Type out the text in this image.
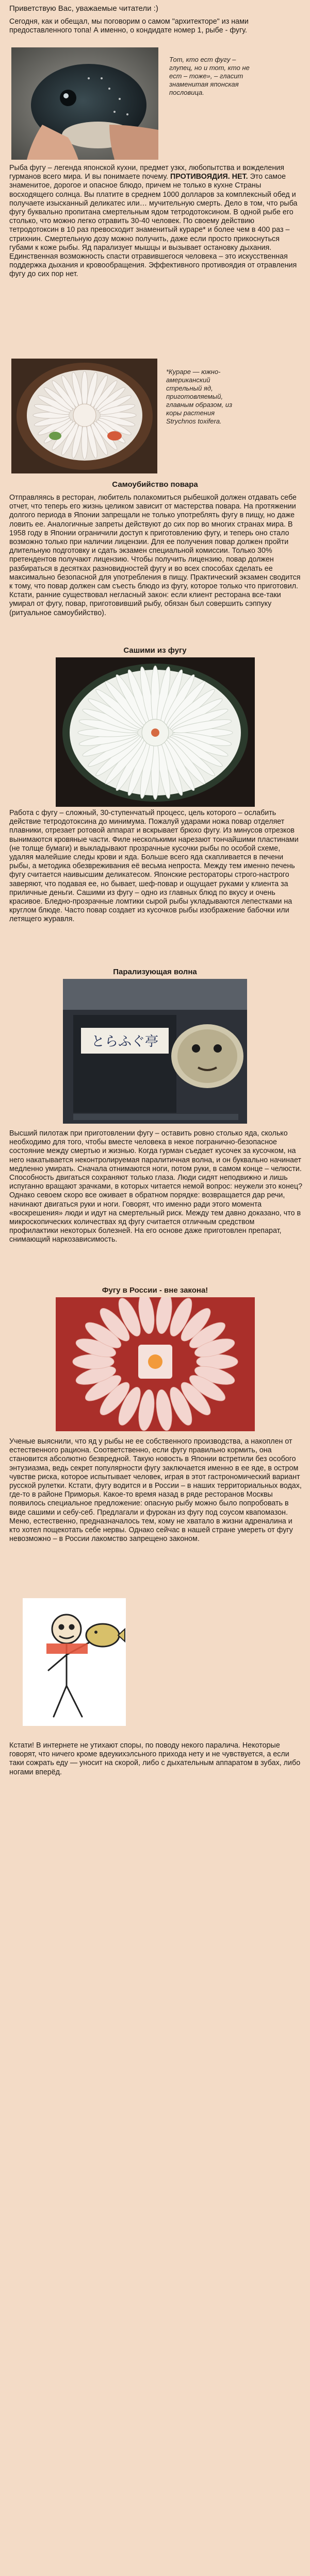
Приветствую Вас, уважаемые читатели :)

Сегодня, как и обещал, мы поговорим о самом "архитекторе" из нами предоставленного топа! А именно, о кондидате номер 1, рыбе - фугу.

Тот, кто ест фугу – глупец, но и тот, кто не ест – тоже», – гласит знаменитая японская пословица.

Рыба фугу – легенда японской кухни, предмет узкх, любопытства и вожделения гурманов всего мира. И вы понимаете почему. ПРОТИВОЯДИЯ. НЕТ. Это самое знаменитое, дорогое и опасное блюдо, причем не только в кухне Страны восходящего солнца. Вы платите в среднем 1000 долларов за комплексный обед и получаете изысканный деликатес или… мучительную смерть. Дело в том, что рыба фугу буквально пропитана смертельным ядом тетродотоксином. В одной рыбе его столько, что можно легко отравить 30-40 человек. По своему действию тетродотоксин в 10 раз превосходит знаменитый кураре* и более чем в 400 раз – стрихнин. Смертельную дозу можно получить, даже если просто прикоснуться губами к коже рыбы. Яд парализует мышцы и вызывает остановку дыхания. Единственная возможность спасти отравившегося человека – это искусственная поддержка дыхания и кровообращения. Эффективного противоядия от отравления фугу до сих пор нет.

*Кураре — южно-американский стрельный яд, приготовляемый, главным образом, из коры растения Strychnos toxifera.

Самоубийство повара

Отправляясь в ресторан, любитель полакомиться рыбешкой должен отдавать себе отчет, что теперь его жизнь целиком зависит от мастерства повара. На протяжении долгого периода в Японии запрещали не только употреблять фугу в пищу, но даже ловить ее. Аналогичные запреты действуют до сих пор во многих странах мира. В 1958 году в Японии ограничили доступ к приготовлению фугу, и теперь оно стало возможно только при наличии лицензии. Для ее получения повар должен пройти длительную подготовку и сдать экзамен специальной комиссии. Только 30% претендентов получают лицензию. Чтобы получить лицензию, повар должен разбираться в десятках разновидностей фугу и во всех способах сделать ее максимально безопасной для употребления в пищу. Практический экзамен сводится к тому, что повар должен сам съесть блюдо из фугу, которое только что приготовил. Кстати, ранние существовал негласный закон: если клиент ресторана все-таки умирал от фугу, повар, приготовивший рыбу, обязан был совершить сэппуку (ритуальное самоубийство).

Сашими из фугу

Работа с фугу – сложный, 30-ступенчатый процесс, цель которого – ослабить действие тетродотоксина до минимума. Пожалуй ударами ножа повар отделяет плавники, отрезает ротовой аппарат и вскрывает брюхо фугу. Из минусов отрезков вынимаются кровяные части. Филе несколькими нарезают тончайшими пластинами (не толще бумаги) и выкладывают прозрачные кусочки рыбы по особой схеме, удаляя малейшие следы крови и яда. Больше всего яда скапливается в печени рыбы, а методика обезвреживания её весьма непроста. Между тем именно печень фугу считается наивысшим деликатесом. Японские рестораторы строго-настрого заверяют, что подавая ее, но бывает, шеф-повар и ощущает руками у клиента за приличные деньги. Сашими из фугу – одно из главных блюд по вкусу и очень красивое. Бледно-прозрачные ломтики сырой рыбы укладываются лепестками на круглом блюде. Часто повар создает из кусочков рыбы изображение бабочки или летящего журавля.

Парализующая волна
とらふぐ亭

Высший пилотаж при приготовлении фугу – оставить ровно столько яда, сколько необходимо для того, чтобы вместе человека в некое погранично-безопасное состояние между смертью и жизнью. Когда гурман съедает кусочек за кусочком, на него накатывается неконтролируемая паралитичная волна, и он буквально начинает медленно умирать. Сначала отнимаются ноги, потом руки, в самом конце – челюсти. Способность двигаться сохраняют только глаза. Люди сидят неподвижно и лишь испуганно вращают зрачками, в которых читается немой вопрос: неужели это конец? Однако севоем скоро все оживает в обратном порядке: возвращается дар речи, начинают двигаться руки и ноги. Говорят, что именно ради этого момента «воскрешения» люди и идут на смертельный риск. Между тем давно доказано, что в микроскопических количествах яд фугу считается отличным средством профилактики некоторых болезней. На его основе даже приготовлен препарат, снимающий наркозависимость.

Фугу в России - вне закона!

Ученые выяснили, что яд у рыбы не ее собственного производства, а накоплен от естественного рациона. Соответственно, если фугу правильно кормить, она становится абсолютно безвредной. Такую новость в Японии встретили без особого энтузиазма, ведь секрет популярности фугу заключается именно в ее яде, в остром чувстве риска, которое испытывает человек, играя в этот гастрономический вариант русской рулетки. Кстати, фугу водится и в России – в наших территориальных водах, где-то в районе Приморья. Какое-то время назад в ряде ресторанов Москвы появилось специальное предложение: опасную рыбу можно было попробовать в виде сашими и себу-себ. Предлагали и фурокан из фугу под соусом квапомазон. Меню, естественно, предназначалось тем, кому не хватало в жизни адреналина и кто хотел пощекотать себе нервы. Однако сейчас в нашей стране умереть от фугу невозможно – в России лакомство запрещено законом.

Кстати! В интернете не утихают споры, по поводу некого паралича. Некоторые говорят, что ничего кроме вдеукихэлсьного прихода нету и не чувствуется, а если таки сожрать еду — уносит на скорой, либо с дыхательным аппаратом в зубах, либо ногами вперёд.
